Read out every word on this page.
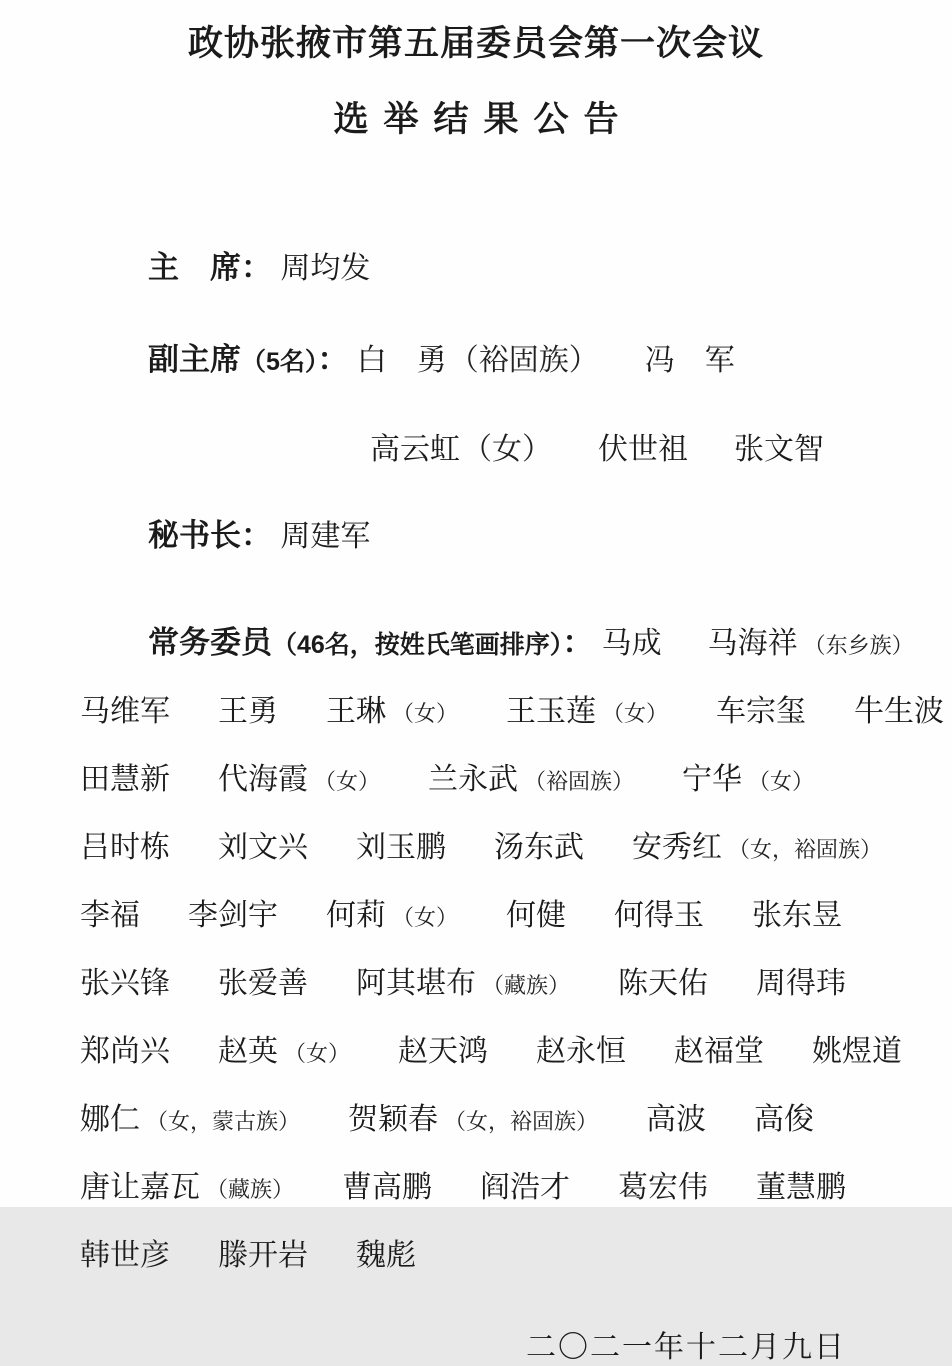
政协张掖市第五届委员会第一次会议
选举结果公告
主　席： 周均发
副主席（5名）： 白　勇 （裕固族） 冯　军
高云虹 （女） 伏世祖 张文智
秘书长： 周建军
常务委员（46名，按姓氏笔画排序）： 马成 马海祥 （东乡族）
马维军 王勇 王琳 （女） 王玉莲 （女） 车宗玺 牛生波
田慧新 代海霞 （女） 兰永武 （裕固族） 宁华 （女）
吕时栋 刘文兴 刘玉鹏 汤东武 安秀红 （女，裕固族）
李福 李剑宇 何莉 （女） 何健 何得玉 张东昱
张兴锋 张爱善 阿其堪布 （藏族） 陈天佑 周得玮
郑尚兴 赵英 （女） 赵天鸿 赵永恒 赵福堂 姚煜道
娜仁 （女，蒙古族） 贺颖春 （女，裕固族） 高波 高俊
唐让嘉瓦 （藏族） 曹高鹏 阎浩才 葛宏伟 董慧鹏
韩世彦 滕开岩 魏彪
二〇二一年十二月九日
